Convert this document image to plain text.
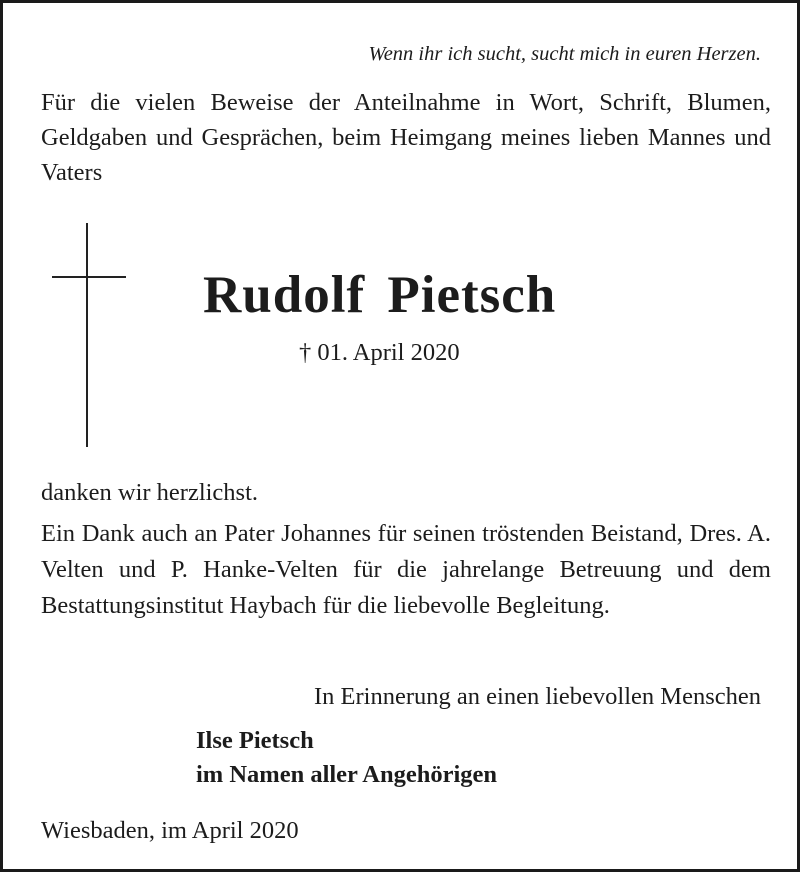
Wenn ihr ich sucht, sucht mich in euren Herzen.
Für die vielen Beweise der Anteilnahme in Wort, Schrift, Blumen, Geldgaben und Gesprächen, beim Heimgang meines lieben Mannes und Vaters
Rudolf Pietsch
† 01. April 2020
danken wir herzlichst.
Ein Dank auch an Pater Johannes für seinen tröstenden Beistand, Dres. A. Velten und P. Hanke-Velten für die jahrelange Betreuung und dem Bestattungsinstitut Haybach für die liebevolle Begleitung.
In Erinnerung an einen liebevollen Menschen
Ilse Pietsch
im Namen aller Angehörigen
Wiesbaden, im April 2020
